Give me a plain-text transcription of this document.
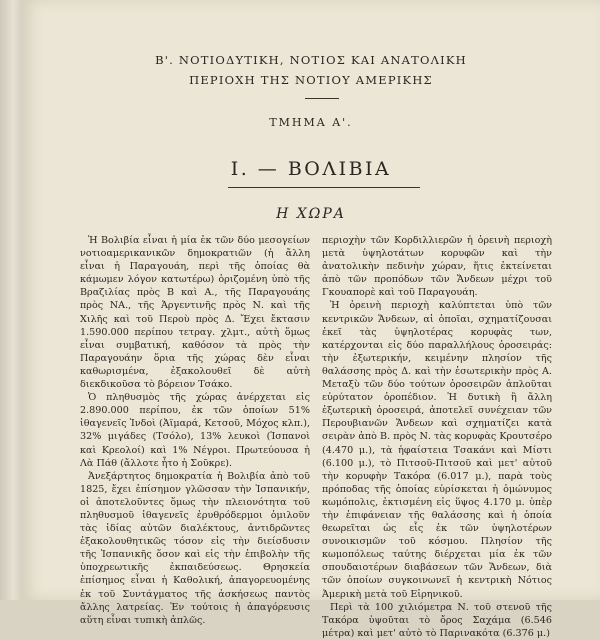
Β'. ΝΟΤΙΟΔΥΤΙΚΗ, ΝΟΤΙΟΣ ΚΑΙ ΑΝΑΤΟΛΙΚΗ
ΠΕΡΙΟΧΗ ΤΗΣ ΝΟΤΙΟΥ ΑΜΕΡΙΚΗΣ
ΤΜΗΜΑ Α'.
Ι. — ΒΟΛΙΒΙΑ
Η ΧΩΡΑ

Ἡ Βολιβία εἶναι ἡ μία ἐκ τῶν δύο μεσογείων νοτιοαμερικανικῶν δημοκρατιῶν (ἡ ἄλλη εἶναι ἡ Παραγουάη, περὶ τῆς ὁποίας θὰ κάμωμεν λόγον κατωτέρω) ὁριζομένη ὑπὸ τῆς Βραζιλίας πρὸς Β καὶ Α., τῆς Παραγουάης πρὸς ΝΑ., τῆς Ἀργεντινῆς πρὸς Ν. καὶ τῆς Χιλῆς καὶ τοῦ Περοὺ πρὸς Δ. Ἔχει ἔκτασιν 1.590.000 περίπου τετραγ. χλμτ., αὐτὴ ὅμως εἶναι συμβατική, καθόσον τὰ πρὸς τὴν Παραγουάην ὅρια τῆς χώρας δὲν εἶναι καθωρισμένα, ἐξακολουθεῖ δὲ αὐτὴ διεκδικοῦσα τὸ βόρειον Τσάκο.

Ὁ πληθυσμὸς τῆς χώρας ἀνέρχεται εἰς 2.890.000 περίπου, ἐκ τῶν ὁποίων 51% ἰθαγενεῖς Ἰνδοὶ (Ἀϊμαρά, Κετσοῦ, Μόχος κλπ.), 32% μιγάδες (Τσόλο), 13% λευκοὶ (Ἱσπανοὶ καὶ Κρεολοί) καὶ 1% Νέγροι. Πρωτεύουσα ἡ Λὰ Πάθ (ἄλλοτε ἦτο ἡ Σοῦκρε).

Ἀνεξάρτητος δημοκρατία ἡ Βολιβία ἀπὸ τοῦ 1825, ἔχει ἐπίσημον γλῶσσαν τὴν Ἱσπανικήν, οἱ ἀποτελοῦντες ὅμως τὴν πλειονότητα τοῦ πληθυσμοῦ ἰθαγενεῖς ἐρυθρόδερμοι ὁμιλοῦν τὰς ἰδίας αὐτῶν διαλέκτους, ἀντιδρῶντες ἐξακολουθητικῶς τόσον εἰς τὴν διείσδυσιν τῆς Ἱσπανικῆς ὅσον καὶ εἰς τὴν ἐπιβολὴν τῆς ὑποχρεωτικῆς ἐκπαιδεύσεως. Θρησκεία ἐπίσημος εἶναι ἡ Καθολική, ἀπαγορευομένης ἐκ τοῦ Συντάγματος τῆς ἀσκήσεως παντὸς ἄλλης λατρείας. Ἐν τούτοις ἡ ἀπαγόρευσις αὕτη εἶναι τυπικὴ ἁπλῶς.

περιοχὴν τῶν Κορδιλλιερῶν ἡ ὀρεινὴ περιοχὴ μετὰ ὑψηλοτάτων κορυφῶν καὶ τὴν ἀνατολικὴν πεδινὴν χώραν, ἥτις ἐκτείνεται ἀπὸ τῶν προπόδων τῶν Ἄνδεων μέχρι τοῦ Γκουαπορὲ καὶ τοῦ Παραγουάη.

Ἡ ὀρεινὴ περιοχὴ καλύπτεται ὑπὸ τῶν κεντρικῶν Ἄνδεων, αἱ ὁποῖαι, σχηματίζουσαι ἐκεῖ τὰς ὑψηλοτέρας κορυφὰς των, κατέρχονται εἰς δύο παραλλήλους ὀροσειράς: τὴν ἐξωτερικήν, κειμένην πλησίον τῆς θαλάσσης πρὸς Δ. καὶ τὴν ἐσωτερικὴν πρὸς Α. Μεταξὺ τῶν δύο τούτων ὀροσειρῶν ἁπλοῦται εὐρύτατον ὀροπέδιον. Ἡ δυτικὴ ἢ ἄλλη ἐξωτερικὴ ὀροσειρά, ἀποτελεῖ συνέχειαν τῶν Περουβιανῶν Ἄνδεων καὶ σχηματίζει κατὰ σειρὰν ἀπὸ Β. πρὸς Ν. τὰς κορυφὰς Κρουτσέρο (4.470 μ.), τὰ ἡφαίστεια Τσακάνι καὶ Μίστι (6.100 μ.), τὸ Πιτσοῦ-Πιτσοῦ καὶ μετ' αὐτοῦ τὴν κορυφὴν Τακόρα (6.017 μ.), παρὰ τοὺς πρόποδας τῆς ὁποίας εὑρίσκεται ἡ ὁμώνυμος κωμόπολις, ἐκτισμένη εἰς ὕψος 4.170 μ. ὑπὲρ τὴν ἐπιφάνειαν τῆς θαλάσσης καὶ ἡ ὁποία θεωρεῖται ὡς εἷς ἐκ τῶν ὑψηλοτέρων συνοικισμῶν τοῦ κόσμου. Πλησίον τῆς κωμοπόλεως ταύτης διέρχεται μία ἐκ τῶν σπουδαιοτέρων διαβάσεων τῶν Ἄνδεων, διὰ τῶν ὁποίων συγκοινωνεῖ ἡ κεντρικὴ Νότιος Ἀμερικὴ μετὰ τοῦ Εἰρηνικοῦ.

Περὶ τὰ 100 χιλιόμετρα Ν. τοῦ στενοῦ τῆς Τακόρα ὑψοῦται τὸ ὄρος Σαχάμα (6.546 μέτρα) καὶ μετ' αὐτὸ τὸ Παρινακότα (6.376 μ.)
